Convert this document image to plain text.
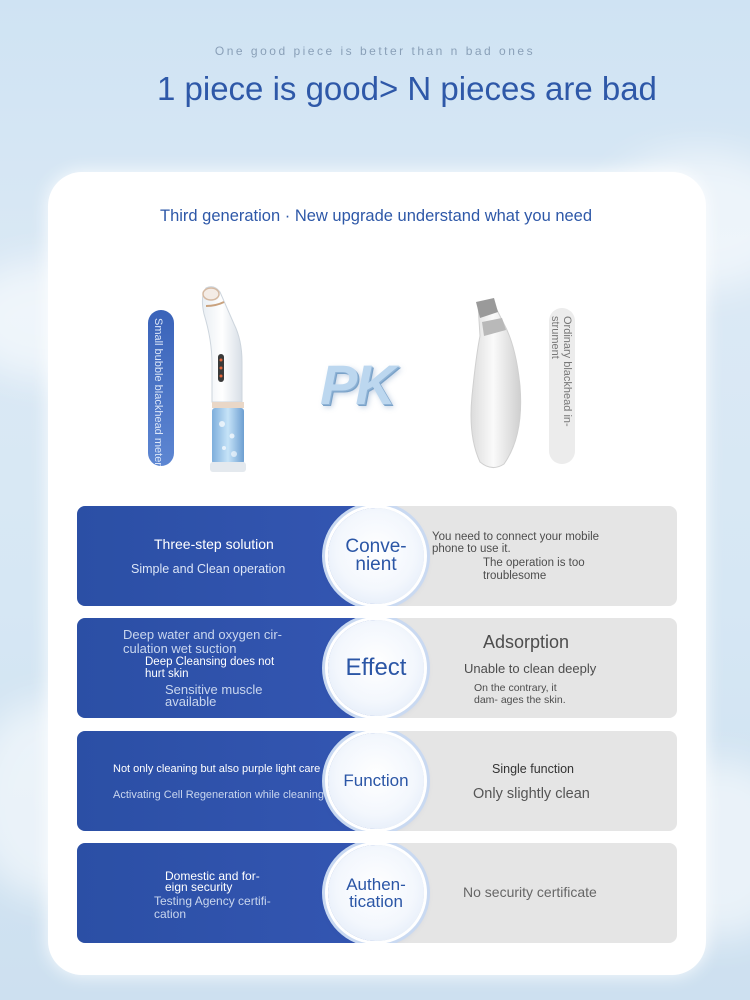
One good piece is better than n bad ones
1 piece is good> N pieces are bad
Third generation · New upgrade understand what you need
Small bubble blackhead meter	PK	Ordinary blackhead in- strument
Three-step solution
Simple and Clean operation
You need to connect your mobile phone to use it.
The operation is too troublesome
Conve- nient
Deep water and oxygen cir- culation wet suction
Deep Cleansing does not hurt skin
Sensitive muscle available
Adsorption
Unable to clean deeply
On the contrary, it dam- ages the skin.
Effect
Not only cleaning but also purple light care
Activating Cell Regeneration while cleaning
Single function
Only slightly clean
Function
Domestic and for- eign security
Testing Agency certifi- cation
No security certificate
Authen- tication
